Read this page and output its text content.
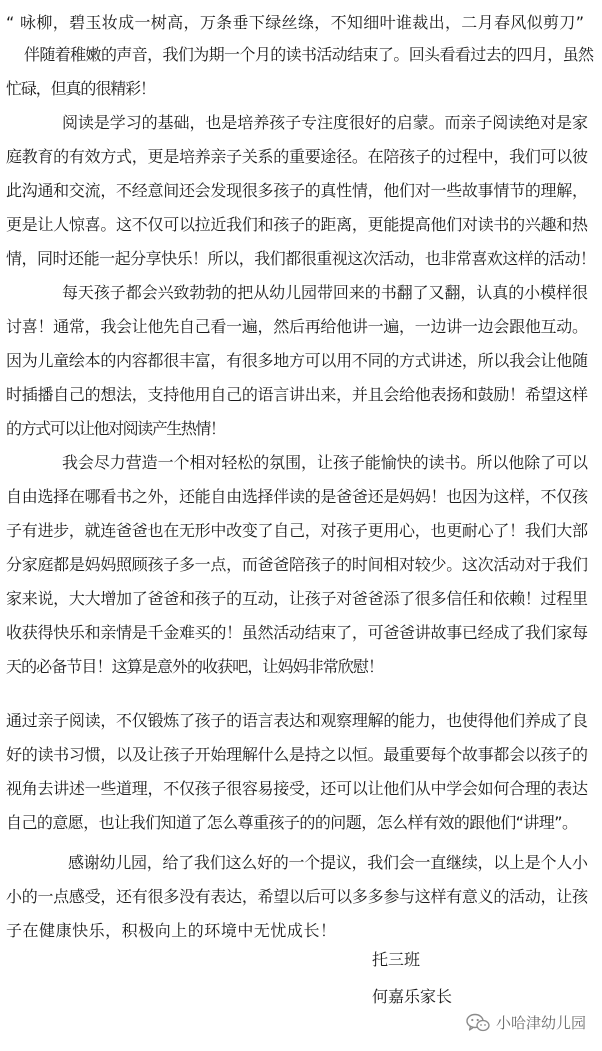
“ 咏柳，碧玉妆成一树高，万条垂下绿丝绦，不知细叶谁裁出，二月春风似剪刀”
伴随着稚嫩的声音，我们为期一个月的读书活动结束了。回头看看过去的四月，虽然
忙碌，但真的很精彩！
阅读是学习的基础，也是培养孩子专注度很好的启蒙。而亲子阅读绝对是家
庭教育的有效方式，更是培养亲子关系的重要途径。在陪孩子的过程中，我们可以彼
此沟通和交流，不经意间还会发现很多孩子的真性情，他们对一些故事情节的理解，
更是让人惊喜。这不仅可以拉近我们和孩子的距离，更能提高他们对读书的兴趣和热
情，同时还能一起分享快乐！所以，我们都很重视这次活动，也非常喜欢这样的活动！
每天孩子都会兴致勃勃的把从幼儿园带回来的书翻了又翻，认真的小模样很
讨喜！通常，我会让他先自己看一遍，然后再给他讲一遍，一边讲一边会跟他互动。
因为儿童绘本的内容都很丰富，有很多地方可以用不同的方式讲述，所以我会让他随
时插播自己的想法，支持他用自己的语言讲出来，并且会给他表扬和鼓励！希望这样
的方式可以让他对阅读产生热情！
我会尽力营造一个相对轻松的氛围，让孩子能愉快的读书。所以他除了可以
自由选择在哪看书之外，还能自由选择伴读的是爸爸还是妈妈！也因为这样，不仅孩
子有进步，就连爸爸也在无形中改变了自己，对孩子更用心，也更耐心了！我们大部
分家庭都是妈妈照顾孩子多一点，而爸爸陪孩子的时间相对较少。这次活动对于我们
家来说，大大增加了爸爸和孩子的互动，让孩子对爸爸添了很多信任和依赖！过程里
收获得快乐和亲情是千金难买的！虽然活动结束了，可爸爸讲故事已经成了我们家每
天的必备节目！这算是意外的收获吧，让妈妈非常欣慰！
通过亲子阅读，不仅锻炼了孩子的语言表达和观察理解的能力，也使得他们养成了良
好的读书习惯，以及让孩子开始理解什么是持之以恒。最重要每个故事都会以孩子的
视角去讲述一些道理，不仅孩子很容易接受，还可以让他们从中学会如何合理的表达
自己的意愿，也让我们知道了怎么尊重孩子的的问题，怎么样有效的跟他们“讲理”。
感谢幼儿园，给了我们这么好的一个提议，我们会一直继续，以上是个人小
小的一点感受，还有很多没有表达，希望以后可以多多参与这样有意义的活动，让孩
子在健康快乐，积极向上的环境中无忧成长！
托三班
何嘉乐家长
小哈津幼儿园
